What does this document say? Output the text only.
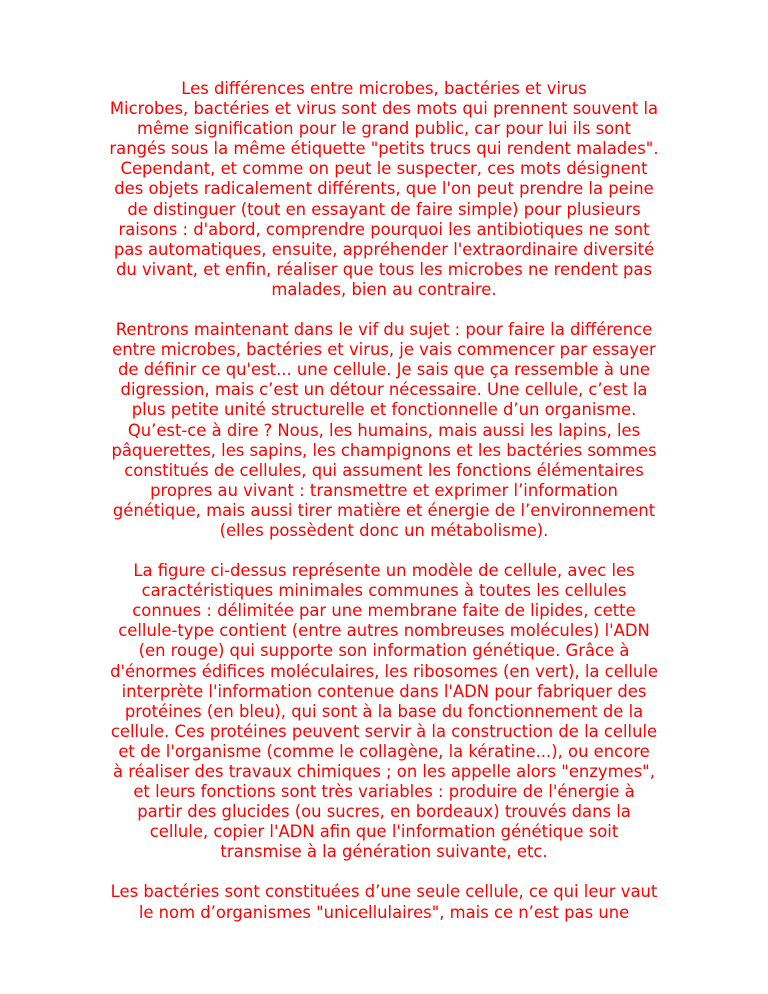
Les différences entre microbes, bactéries et virus
Microbes, bactéries et virus sont des mots qui prennent souvent la
même signification pour le grand public, car pour lui ils sont
rangés sous la même étiquette "petits trucs qui rendent malades".
Cependant, et comme on peut le suspecter, ces mots désignent
des objets radicalement différents, que l'on peut prendre la peine
de distinguer (tout en essayant de faire simple) pour plusieurs
raisons : d'abord, comprendre pourquoi les antibiotiques ne sont
pas automatiques, ensuite, appréhender l'extraordinaire diversité
du vivant, et enfin, réaliser que tous les microbes ne rendent pas
malades, bien au contraire.

Rentrons maintenant dans le vif du sujet : pour faire la différence
entre microbes, bactéries et virus, je vais commencer par essayer
de définir ce qu'est... une cellule. Je sais que ça ressemble à une
digression, mais c’est un détour nécessaire. Une cellule, c’est la
plus petite unité structurelle et fonctionnelle d’un organisme.
Qu’est-ce à dire ? Nous, les humains, mais aussi les lapins, les
pâquerettes, les sapins, les champignons et les bactéries sommes
constitués de cellules, qui assument les fonctions élémentaires
propres au vivant : transmettre et exprimer l’information
génétique, mais aussi tirer matière et énergie de l’environnement
(elles possèdent donc un métabolisme).

La figure ci-dessus représente un modèle de cellule, avec les
caractéristiques minimales communes à toutes les cellules
connues : délimitée par une membrane faite de lipides, cette
cellule-type contient (entre autres nombreuses molécules) l'ADN
(en rouge) qui supporte son information génétique. Grâce à
d'énormes édifices moléculaires, les ribosomes (en vert), la cellule
interprète l'information contenue dans l'ADN pour fabriquer des
protéines (en bleu), qui sont à la base du fonctionnement de la
cellule. Ces protéines peuvent servir à la construction de la cellule
et de l'organisme (comme le collagène, la kératine...), ou encore
à réaliser des travaux chimiques ; on les appelle alors "enzymes",
et leurs fonctions sont très variables : produire de l'énergie à
partir des glucides (ou sucres, en bordeaux) trouvés dans la
cellule, copier l'ADN afin que l'information génétique soit
transmise à la génération suivante, etc.

Les bactéries sont constituées d’une seule cellule, ce qui leur vaut
le nom d’organismes "unicellulaires", mais ce n’est pas une
